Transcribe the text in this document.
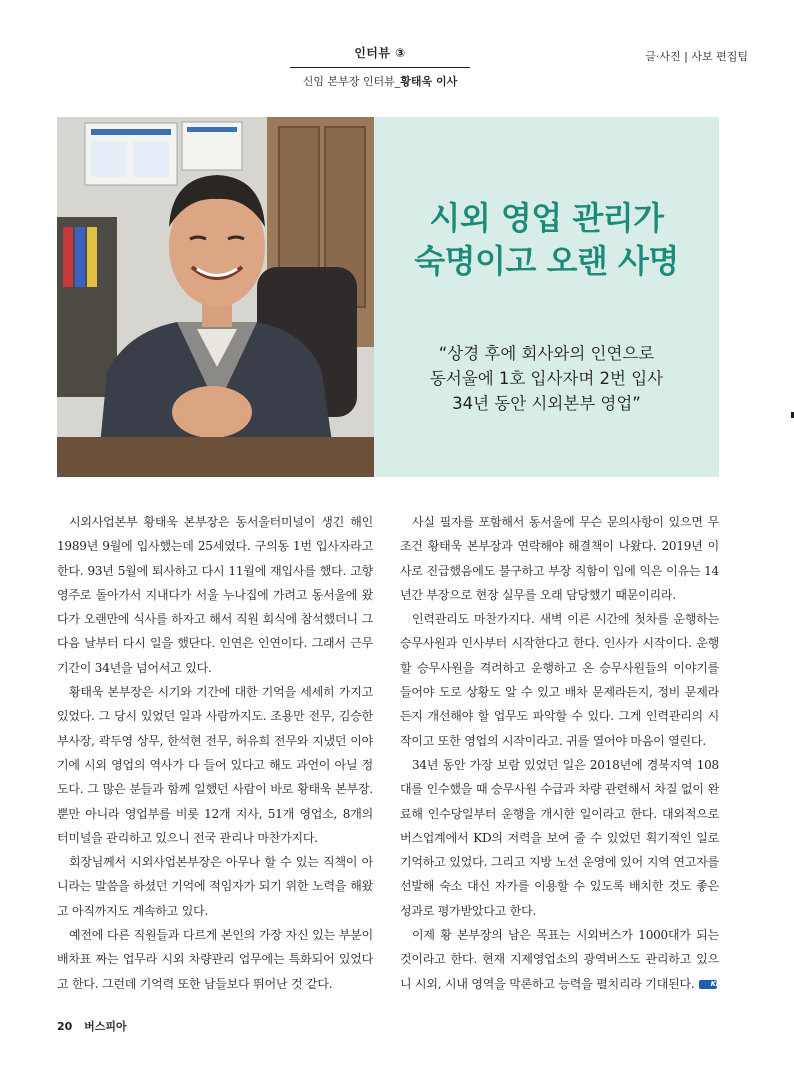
인터뷰 ③
신임 본부장 인터뷰_황태욱 이사
글·사진 | 사보 편집팀
시외 영업 관리가
숙명이고 오랜 사명
“상경 후에 회사와의 인연으로
동서울에 1호 입사자며 2번 입사
34년 동안 시외본부 영업”

시외사업본부 황태욱 본부장은 동서울터미널이 생긴 해인 1989년 9월에 입사했는데 25세였다. 구의동 1번 입사자라고 한다. 93년 5월에 퇴사하고 다시 11월에 재입사를 했다. 고향 영주로 돌아가서 지내다가 서울 누나집에 가려고 동서울에 왔다가 오랜만에 식사를 하자고 해서 직원 회식에 참석했더니 그 다음 날부터 다시 일을 했단다. 인연은 인연이다. 그래서 근무 기간이 34년을 넘어서고 있다.

황태욱 본부장은 시기와 기간에 대한 기억을 세세히 가지고 있었다. 그 당시 있었던 일과 사람까지도. 조용만 전무, 김승한 부사장, 곽두영 상무, 한석현 전무, 허유희 전무와 지냈던 이야기에 시외 영업의 역사가 다 들어 있다고 해도 과언이 아닐 정도다. 그 많은 분들과 함께 일했던 사람이 바로 황태욱 본부장. 뿐만 아니라 영업부를 비롯 12개 지사, 51개 영업소, 8개의 터미널을 관리하고 있으니 전국 관리나 마찬가지다.

회장님께서 시외사업본부장은 아무나 할 수 있는 직책이 아니라는 말씀을 하셨던 기억에 적임자가 되기 위한 노력을 해왔고 아직까지도 계속하고 있다.

예전에 다른 직원들과 다르게 본인의 가장 자신 있는 부분이 배차표 짜는 업무라 시외 차량관리 업무에는 특화되어 있었다고 한다. 그런데 기억력 또한 남들보다 뛰어난 것 같다.

사실 필자를 포함해서 동서울에 무슨 문의사항이 있으면 무조건 황태욱 본부장과 연락해야 해결책이 나왔다. 2019년 이사로 진급했음에도 불구하고 부장 직함이 입에 익은 이유는 14년간 부장으로 현장 실무를 오래 담당했기 때문이리라.

인력관리도 마찬가지다. 새벽 이른 시간에 첫차를 운행하는 승무사원과 인사부터 시작한다고 한다. 인사가 시작이다. 운행할 승무사원을 격려하고 운행하고 온 승무사원들의 이야기를 들어야 도로 상황도 알 수 있고 배차 문제라든지, 정비 문제라든지 개선해야 할 업무도 파악할 수 있다. 그게 인력관리의 시작이고 또한 영업의 시작이라고. 귀를 열어야 마음이 열린다.

34년 동안 가장 보람 있었던 일은 2018년에 경북지역 108대를 인수했을 때 승무사원 수급과 차량 관련해서 차질 없이 완료해 인수당일부터 운행을 개시한 일이라고 한다. 대외적으로 버스업계에서 KD의 저력을 보여 줄 수 있었던 획기적인 일로 기억하고 있었다. 그리고 지방 노선 운영에 있어 지역 연고자를 선발해 숙소 대신 자가를 이용할 수 있도록 배치한 것도 좋은 성과로 평가받았다고 한다.

이제 황 본부장의 남은 목표는 시외버스가 1000대가 되는 것이라고 한다. 현재 지제영업소의 광역버스도 관리하고 있으니 시외, 시내 영역을 막론하고 능력을 펼치리라 기대된다. KD

20 버스피아
